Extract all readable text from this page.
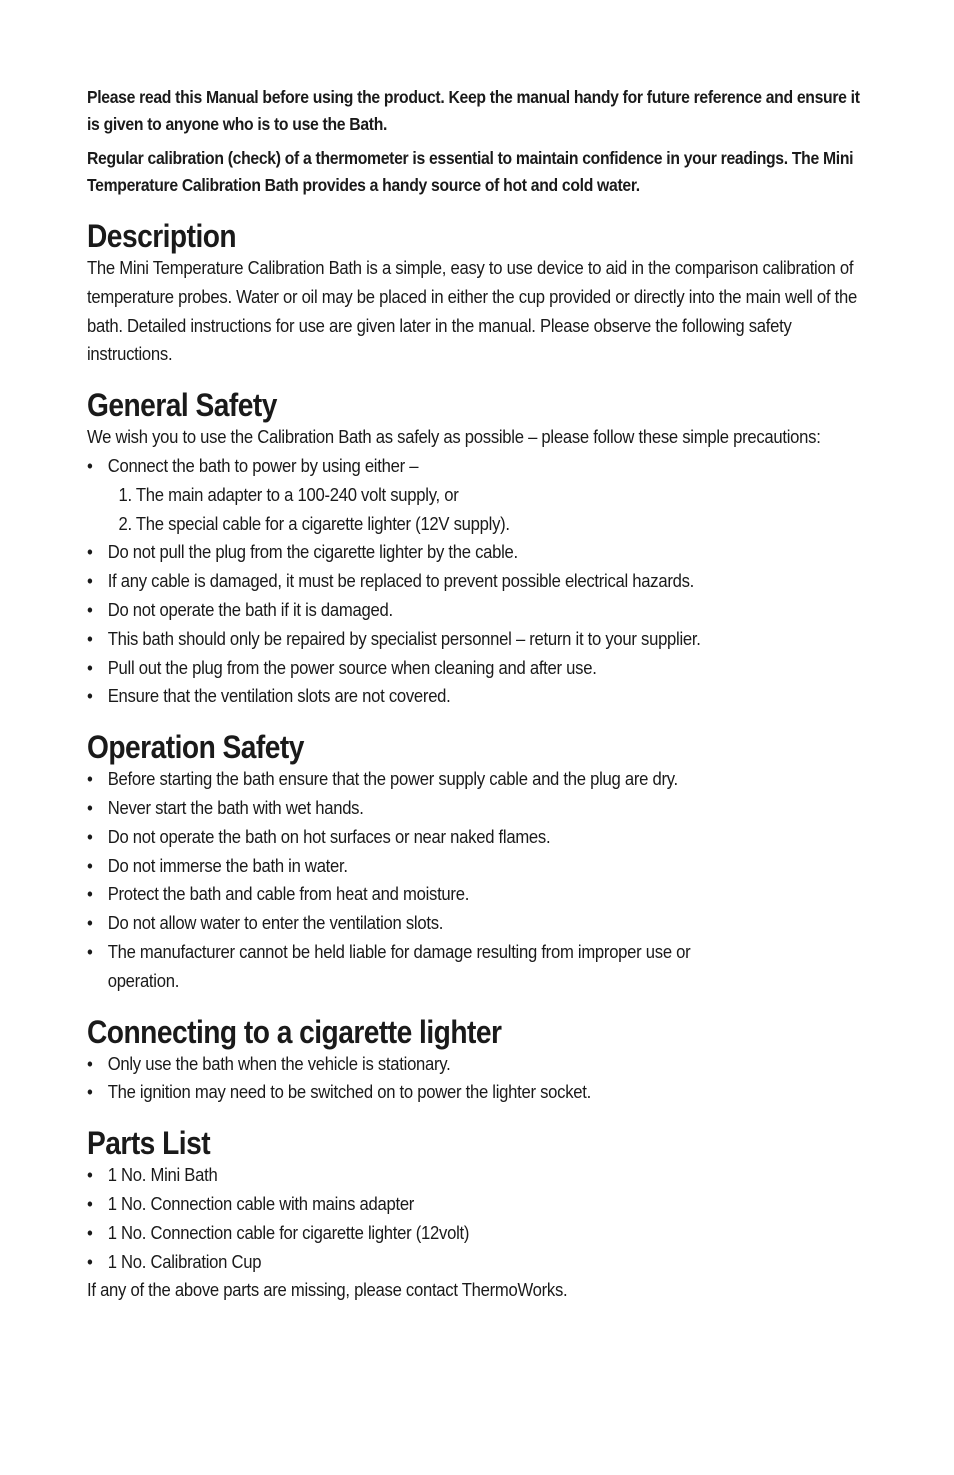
Please read this Manual before using the product. Keep the manual handy for future reference and ensure it is given to anyone who is to use the Bath.

Regular calibration (check) of a thermometer is essential to maintain confidence in your readings. The Mini Temperature Calibration Bath provides a handy source of hot and cold water.

Description

The Mini Temperature Calibration Bath is a simple, easy to use device to aid in the comparison calibration of temperature probes. Water or oil may be placed in either the cup provided or directly into the main well of the bath. Detailed instructions for use are given later in the manual. Please observe the following safety instructions.

General Safety

We wish you to use the Calibration Bath as safely as possible – please follow these simple precautions:

• Connect the bath to power by using either –
1. The main adapter to a 100-240 volt supply, or
2. The special cable for a cigarette lighter (12V supply).
• Do not pull the plug from the cigarette lighter by the cable.
• If any cable is damaged, it must be replaced to prevent possible electrical hazards.
• Do not operate the bath if it is damaged.
• This bath should only be repaired by specialist personnel – return it to your supplier.
• Pull out the plug from the power source when cleaning and after use.
• Ensure that the ventilation slots are not covered.
Operation Safety
• Before starting the bath ensure that the power supply cable and the plug are dry.
• Never start the bath with wet hands.
• Do not operate the bath on hot surfaces or near naked flames.
• Do not immerse the bath in water.
• Protect the bath and cable from heat and moisture.
• Do not allow water to enter the ventilation slots.
• The manufacturer cannot be held liable for damage resulting from improper use or operation.
Connecting to a cigarette lighter
• Only use the bath when the vehicle is stationary.
• The ignition may need to be switched on to power the lighter socket.
Parts List
• 1 No. Mini Bath
• 1 No. Connection cable with mains adapter
• 1 No. Connection cable for cigarette lighter (12volt)
• 1 No. Calibration Cup

If any of the above parts are missing, please contact ThermoWorks.
